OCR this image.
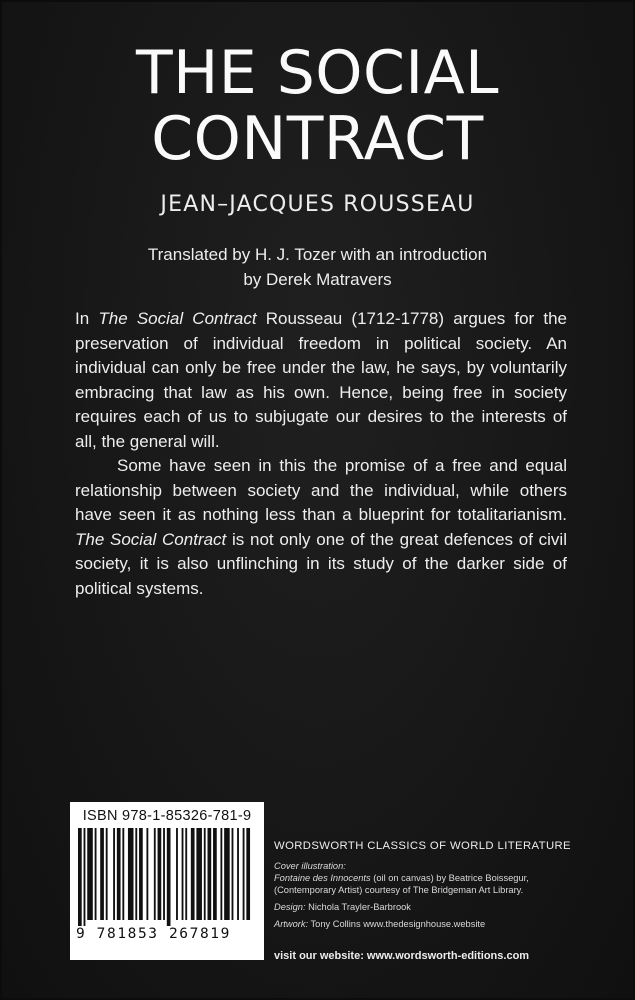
THE SOCIAL
CONTRACT
JEAN–JACQUES ROUSSEAU
Translated by H. J. Tozer with an introduction
by Derek Matravers

In The Social Contract Rousseau (1712-1778) argues for the preservation of individual freedom in political society. An individual can only be free under the law, he says, by voluntarily embracing that law as his own. Hence, being free in society requires each of us to subjugate our desires to the interests of all, the general will.

Some have seen in this the promise of a free and equal relationship between society and the individual, while others have seen it as nothing less than a blueprint for totalitarianism. The Social Contract is not only one of the great defences of civil society, it is also unflinching in its study of the darker side of political systems.

ISBN 978-1-85326-781-9
9 781853 267819
WORDSWORTH CLASSICS OF WORLD LITERATURE
Cover illustration:
Fontaine des Innocents (oil on canvas) by Beatrice Boissegur,
(Contemporary Artist) courtesy of The Bridgeman Art Library.
Design: Nichola Trayler-Barbrook
Artwork: Tony Collins www.thedesignhouse.website
visit our website: www.wordsworth-editions.com
